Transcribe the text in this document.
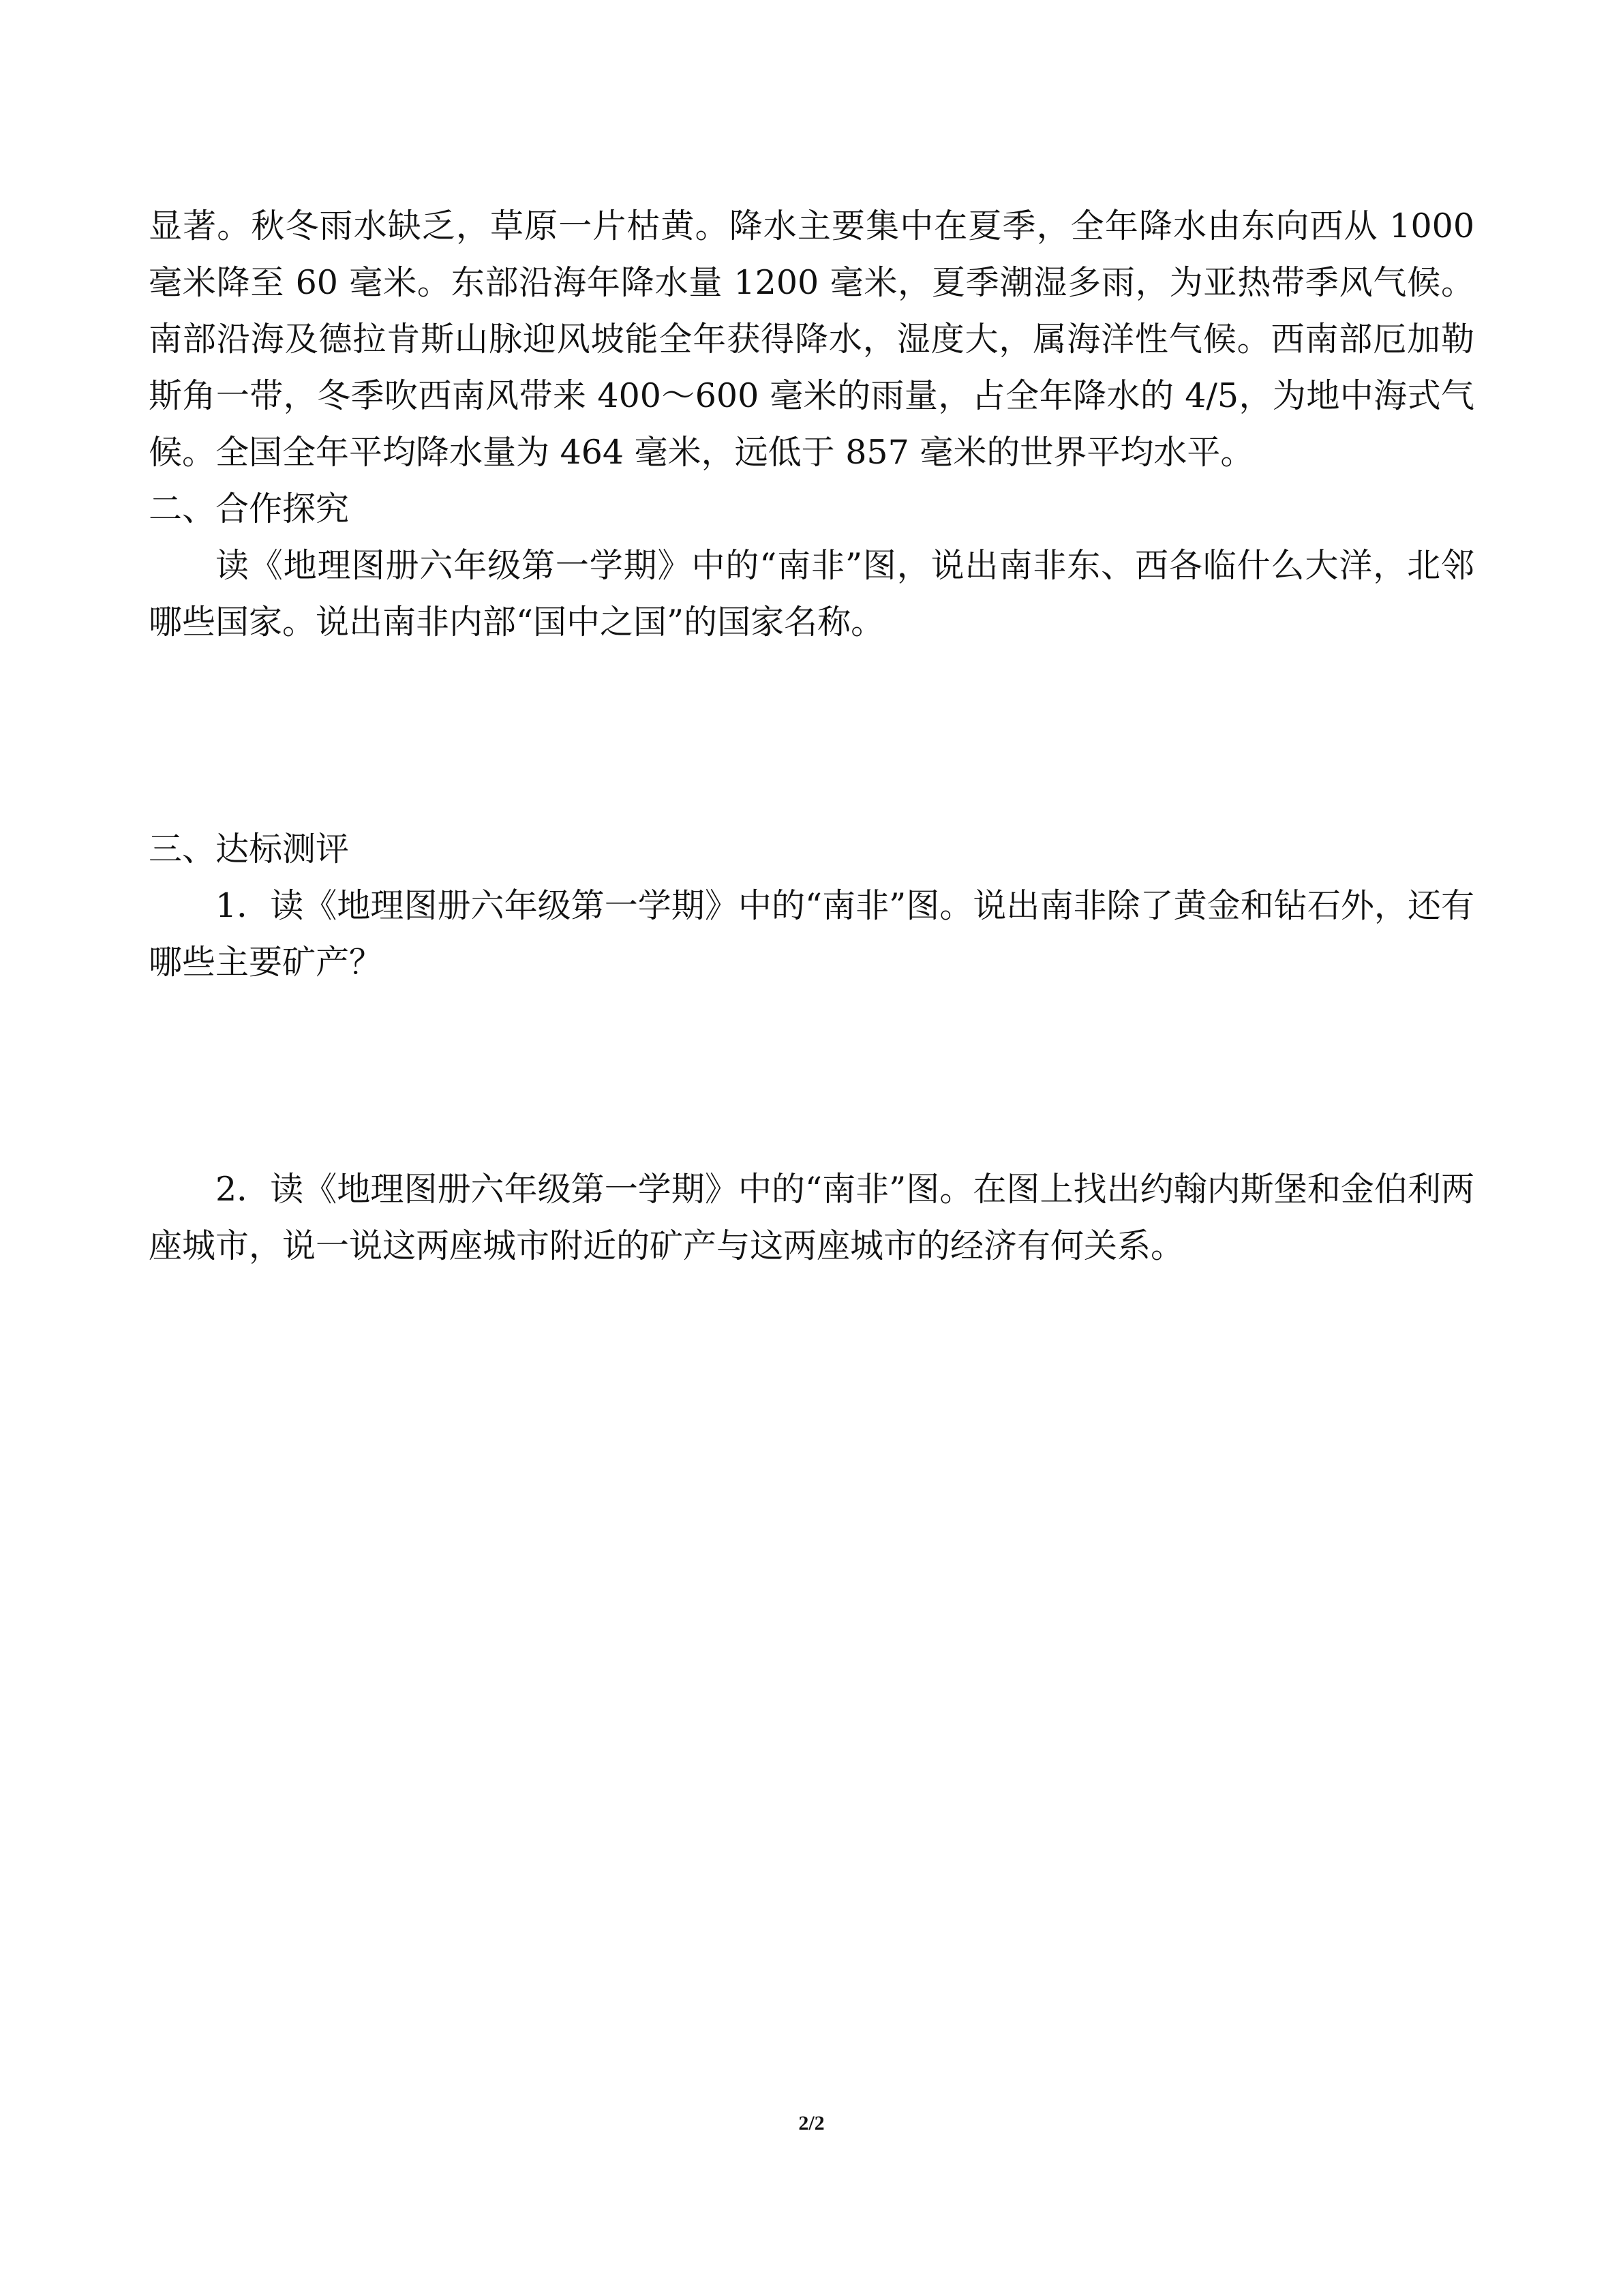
显著。秋冬雨水缺乏，草原一片枯黄。降水主要集中在夏季，全年降水由东向西从 1000 毫米降至 60 毫米。东部沿海年降水量 1200 毫米，夏季潮湿多雨，为亚热带季风气候。南部沿海及德拉肯斯山脉迎风坡能全年获得降水，湿度大，属海洋性气候。西南部厄加勒斯角一带，冬季吹西南风带来 400～600 毫米的雨量，占全年降水的 4/5，为地中海式气候。全国全年平均降水量为 464 毫米，远低于 857 毫米的世界平均水平。

二、合作探究

读《地理图册六年级第一学期》中的“南非”图，说出南非东、西各临什么大洋，北邻哪些国家。说出南非内部“国中之国”的国家名称。

三、达标测评

1．读《地理图册六年级第一学期》中的“南非”图。说出南非除了黄金和钻石外，还有哪些主要矿产？

2．读《地理图册六年级第一学期》中的“南非”图。在图上找出约翰内斯堡和金伯利两座城市，说一说这两座城市附近的矿产与这两座城市的经济有何关系。

2/2
